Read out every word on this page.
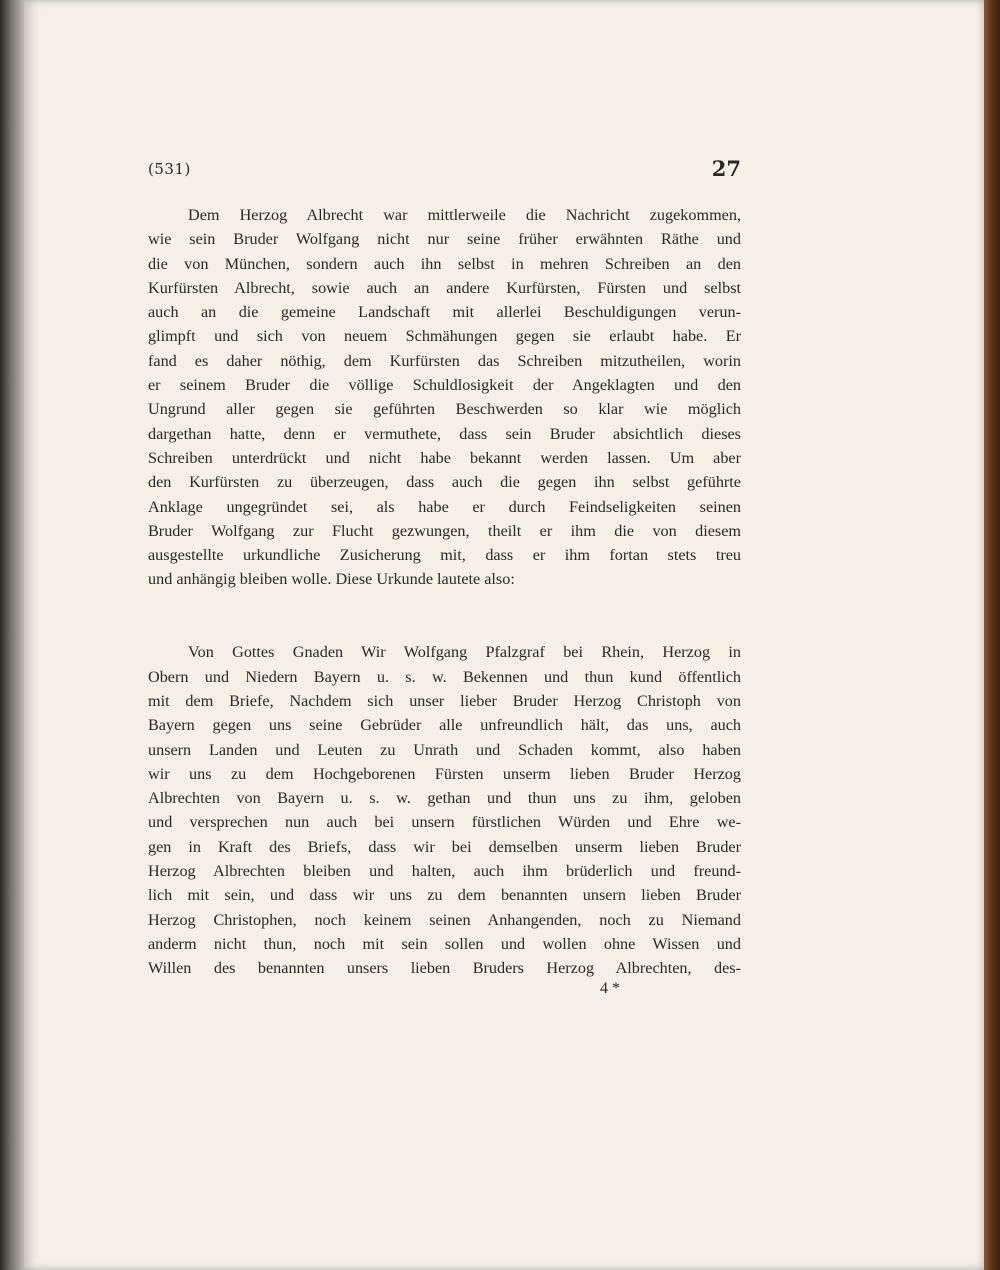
(531)	27
Dem Herzog Albrecht war mittlerweile die Nachricht zugekommen,
wie sein Bruder Wolfgang nicht nur seine früher erwähnten Räthe und
die von München, sondern auch ihn selbst in mehren Schreiben an den
Kurfürsten Albrecht, sowie auch an andere Kurfürsten, Fürsten und selbst
auch an die gemeine Landschaft mit allerlei Beschuldigungen verun-
glimpft und sich von neuem Schmähungen gegen sie erlaubt habe. Er
fand es daher nöthig, dem Kurfürsten das Schreiben mitzutheilen, worin
er seinem Bruder die völlige Schuldlosigkeit der Angeklagten und den
Ungrund aller gegen sie geführten Beschwerden so klar wie möglich
dargethan hatte, denn er vermuthete, dass sein Bruder absichtlich dieses
Schreiben unterdrückt und nicht habe bekannt werden lassen. Um aber
den Kurfürsten zu überzeugen, dass auch die gegen ihn selbst geführte
Anklage ungegründet sei, als habe er durch Feindseligkeiten seinen
Bruder Wolfgang zur Flucht gezwungen, theilt er ihm die von diesem
ausgestellte urkundliche Zusicherung mit, dass er ihm fortan stets treu
und anhängig bleiben wolle. Diese Urkunde lautete also:
Von Gottes Gnaden Wir Wolfgang Pfalzgraf bei Rhein, Herzog in
Obern und Niedern Bayern u. s. w. Bekennen und thun kund öffentlich
mit dem Briefe, Nachdem sich unser lieber Bruder Herzog Christoph von
Bayern gegen uns seine Gebrüder alle unfreundlich hält, das uns, auch
unsern Landen und Leuten zu Unrath und Schaden kommt, also haben
wir uns zu dem Hochgeborenen Fürsten unserm lieben Bruder Herzog
Albrechten von Bayern u. s. w. gethan und thun uns zu ihm, geloben
und versprechen nun auch bei unsern fürstlichen Würden und Ehre we-
gen in Kraft des Briefs, dass wir bei demselben unserm lieben Bruder
Herzog Albrechten bleiben und halten, auch ihm brüderlich und freund-
lich mit sein, und dass wir uns zu dem benannten unsern lieben Bruder
Herzog Christophen, noch keinem seinen Anhangenden, noch zu Niemand
anderm nicht thun, noch mit sein sollen und wollen ohne Wissen und
Willen des benannten unsers lieben Bruders Herzog Albrechten, des-
4 *
